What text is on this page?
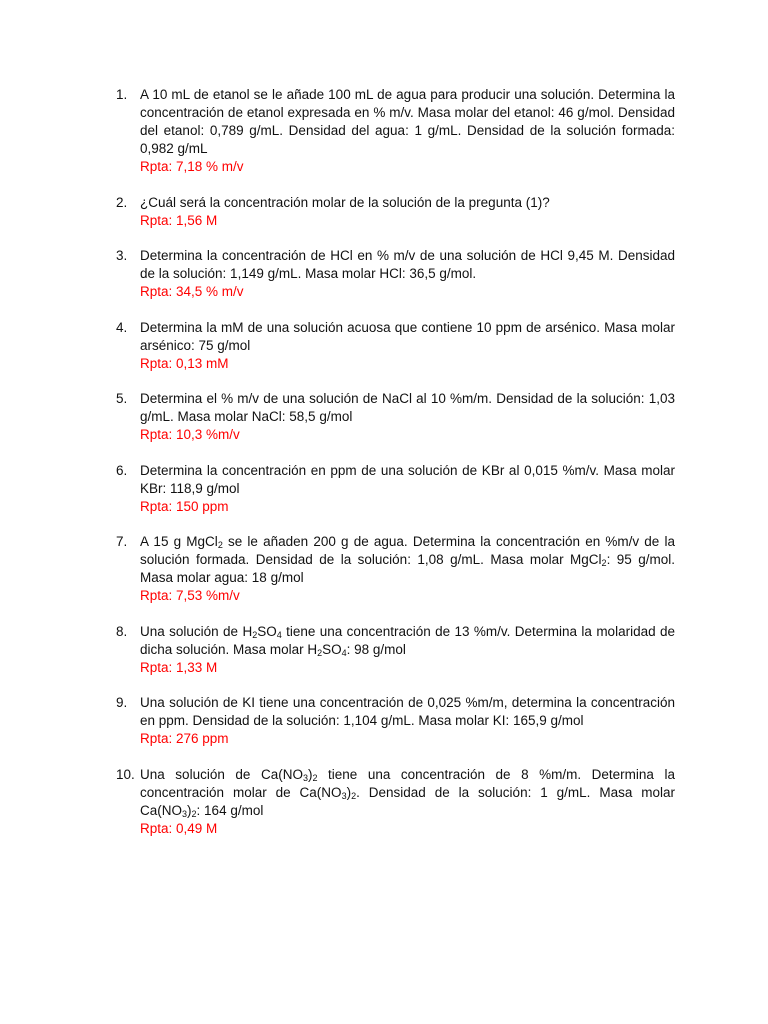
1. A 10 mL de etanol se le añade 100 mL de agua para producir una solución. Determina la concentración de etanol expresada en % m/v. Masa molar del etanol: 46 g/mol. Densidad del etanol: 0,789 g/mL. Densidad del agua: 1 g/mL. Densidad de la solución formada: 0,982 g/mL
Rpta: 7,18 % m/v
2. ¿Cuál será la concentración molar de la solución de la pregunta (1)?
Rpta: 1,56 M
3. Determina la concentración de HCl en % m/v de una solución de HCl 9,45 M. Densidad de la solución: 1,149 g/mL. Masa molar HCl: 36,5 g/mol.
Rpta: 34,5 % m/v
4. Determina la mM de una solución acuosa que contiene 10 ppm de arsénico. Masa molar arsénico: 75 g/mol
Rpta: 0,13 mM
5. Determina el % m/v de una solución de NaCl al 10 %m/m. Densidad de la solución: 1,03 g/mL. Masa molar NaCl: 58,5 g/mol
Rpta: 10,3 %m/v
6. Determina la concentración en ppm de una solución de KBr al 0,015 %m/v. Masa molar KBr: 118,9 g/mol
Rpta: 150 ppm
7. A 15 g MgCl$_2$ se le añaden 200 g de agua. Determina la concentración en %m/v de la solución formada. Densidad de la solución: 1,08 g/mL. Masa molar MgCl$_2$: 95 g/mol. Masa molar agua: 18 g/mol
Rpta: 7,53 %m/v
8. Una solución de $H_2SO_4$ tiene una concentración de 13 %m/v. Determina la molaridad de dicha solución. Masa molar $H_2SO_4$: 98 g/mol
Rpta: 1,33 M
9. Una solución de KI tiene una concentración de 0,025 %m/m, determina la concentración en ppm. Densidad de la solución: 1,104 g/mL. Masa molar KI: 165,9 g/mol
Rpta: 276 ppm
10. Una solución de $Ca(NO_3)_2$ tiene una concentración de 8 %m/m. Determina la concentración molar de $Ca(NO_3)_2$. Densidad de la solución: 1 g/mL. Masa molar $Ca(NO_3)_2$: 164 g/mol
Rpta: 0,49 M
